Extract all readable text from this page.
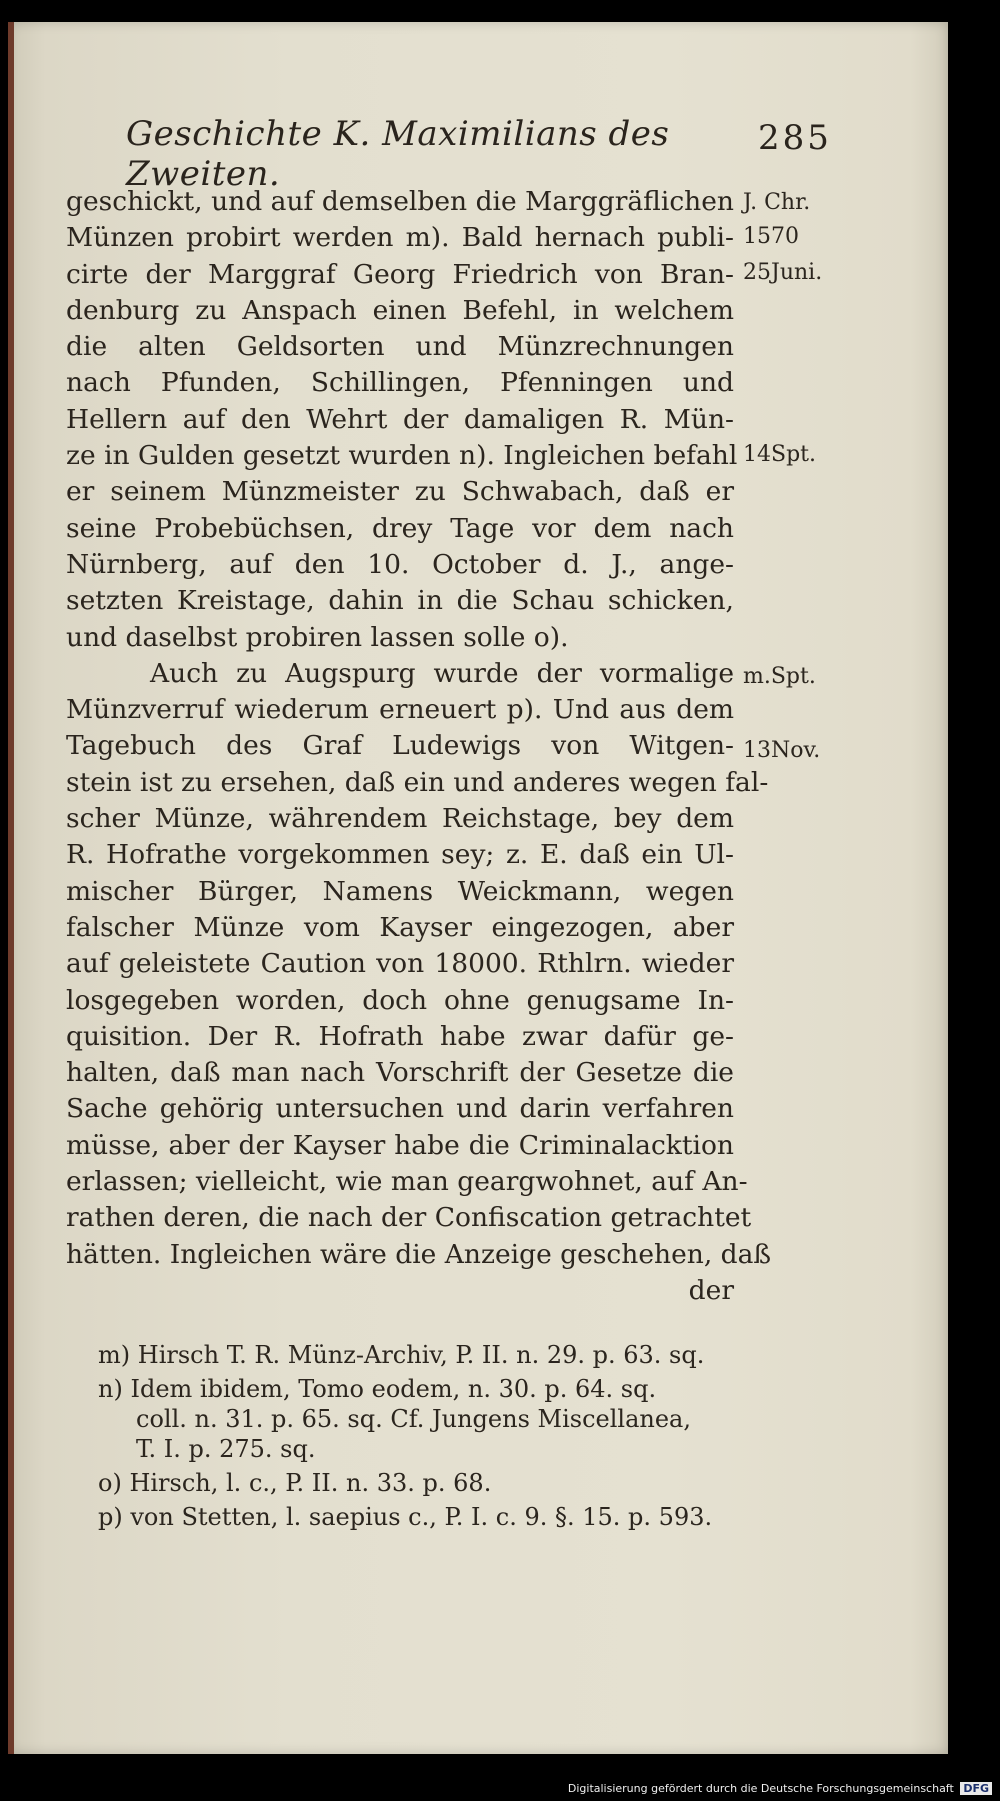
Geschichte K. Maximilians des Zweiten.
285
geschickt, und auf demselben die Marggräflichen
Münzen probirt werden m). Bald hernach publi-
cirte der Marggraf Georg Friedrich von Bran-
denburg zu Anspach einen Befehl, in welchem
die alten Geldsorten und Münzrechnungen
nach Pfunden, Schillingen, Pfenningen und
Hellern auf den Wehrt der damaligen R. Mün-
ze in Gulden gesetzt wurden n). Ingleichen befahl
er seinem Münzmeister zu Schwabach, daß er
seine Probebüchsen, drey Tage vor dem nach
Nürnberg, auf den 10. October d. J., ange-
setzten Kreistage, dahin in die Schau schicken,
und daselbst probiren lassen solle o).
Auch zu Augspurg wurde der vormalige
Münzverruf wiederum erneuert p). Und aus dem
Tagebuch des Graf Ludewigs von Witgen-
stein ist zu ersehen, daß ein und anderes wegen fal-
scher Münze, währendem Reichstage, bey dem
R. Hofrathe vorgekommen sey; z. E. daß ein Ul-
mischer Bürger, Namens Weickmann, wegen
falscher Münze vom Kayser eingezogen, aber
auf geleistete Caution von 18000. Rthlrn. wieder
losgegeben worden, doch ohne genugsame In-
quisition. Der R. Hofrath habe zwar dafür ge-
halten, daß man nach Vorschrift der Gesetze die
Sache gehörig untersuchen und darin verfahren
müsse, aber der Kayser habe die Criminalacktion
erlassen; vielleicht, wie man geargwohnet, auf An-
rathen deren, die nach der Confiscation getrachtet
hätten. Ingleichen wäre die Anzeige geschehen, daß
der
J. Chr.
1570
25Juni.
14Spt.
m.Spt.
13Nov.
m) Hirsch T. R. Münz-Archiv, P. II. n. 29. p. 63. sq.
n) Idem ibidem, Tomo eodem, n. 30. p. 64. sq.
coll. n. 31. p. 65. sq. Cf. Jungens Miscellanea,
T. I. p. 275. sq.
o) Hirsch, l. c., P. II. n. 33. p. 68.
p) von Stetten, l. saepius c., P. I. c. 9. §. 15. p. 593.
Digitalisierung gefördert durch die Deutsche Forschungsgemeinschaft DFG
